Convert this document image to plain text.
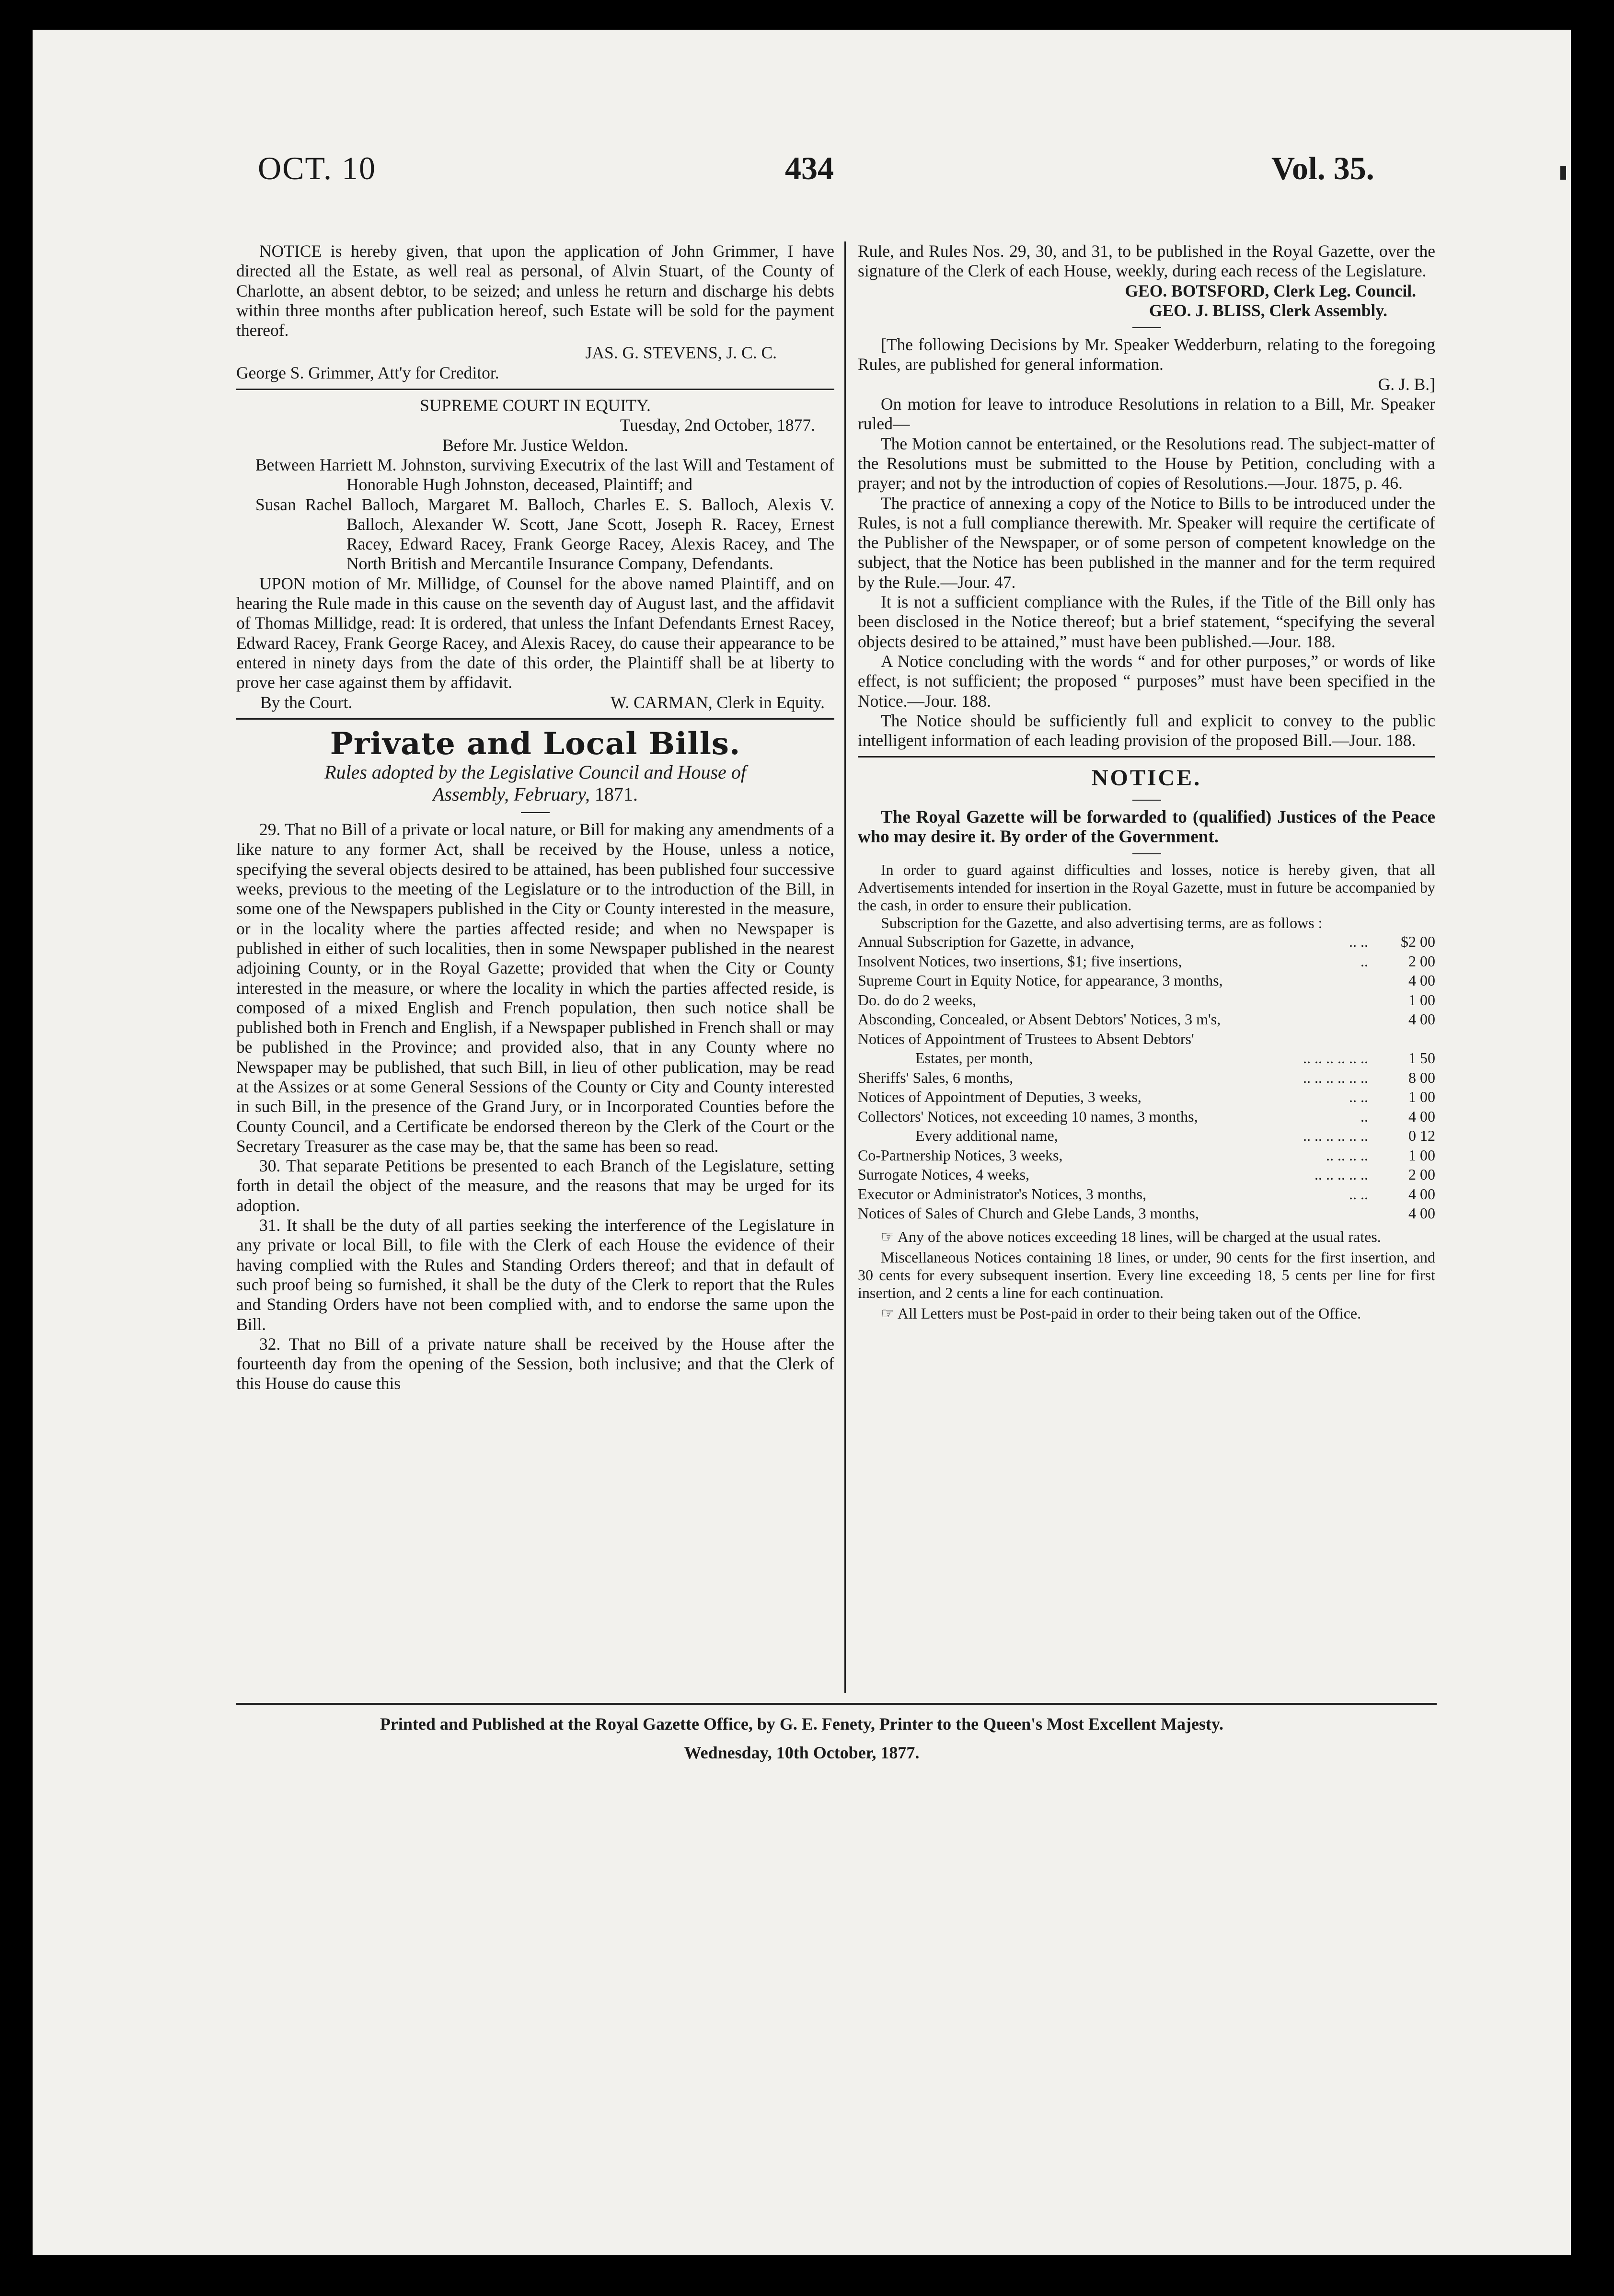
OCT. 10	434	Vol. 35.

NOTICE is hereby given, that upon the application of John Grimmer, I have directed all the Estate, as well real as personal, of Alvin Stuart, of the County of Charlotte, an absent debtor, to be seized; and unless he return and discharge his debts within three months after publication hereof, such Estate will be sold for the payment thereof.

JAS. G. STEVENS, J. C. C.

George S. Grimmer, Att'y for Creditor.

SUPREME COURT IN EQUITY.

Tuesday, 2nd October, 1877.

Before Mr. Justice Weldon.

Between Harriett M. Johnston, surviving Executrix of the last Will and Testament of Honorable Hugh Johnston, deceased, Plaintiff; and

Susan Rachel Balloch, Margaret M. Balloch, Charles E. S. Balloch, Alexis V. Balloch, Alexander W. Scott, Jane Scott, Joseph R. Racey, Ernest Racey, Edward Racey, Frank George Racey, Alexis Racey, and The North British and Mercantile Insurance Company, Defendants.

UPON motion of Mr. Millidge, of Counsel for the above named Plaintiff, and on hearing the Rule made in this cause on the seventh day of August last, and the affidavit of Thomas Millidge, read: It is ordered, that unless the Infant Defendants Ernest Racey, Edward Racey, Frank George Racey, and Alexis Racey, do cause their appearance to be entered in ninety days from the date of this order, the Plaintiff shall be at liberty to prove her case against them by affidavit.

By the Court.	W. CARMAN, Clerk in Equity.

Private and Local Bills.

Rules adopted by the Legislative Council and House of

Assembly, February, 1871.

29. That no Bill of a private or local nature, or Bill for making any amendments of a like nature to any former Act, shall be received by the House, unless a notice, specifying the several objects desired to be attained, has been published four successive weeks, previous to the meeting of the Legislature or to the introduction of the Bill, in some one of the Newspapers published in the City or County interested in the measure, or in the locality where the parties affected reside; and when no Newspaper is published in either of such localities, then in some Newspaper published in the nearest adjoining County, or in the Royal Gazette; provided that when the City or County interested in the measure, or where the locality in which the parties affected reside, is composed of a mixed English and French population, then such notice shall be published both in French and English, if a Newspaper published in French shall or may be published in the Province; and provided also, that in any County where no Newspaper may be published, that such Bill, in lieu of other publication, may be read at the Assizes or at some General Sessions of the County or City and County interested in such Bill, in the presence of the Grand Jury, or in Incorporated Counties before the County Council, and a Certificate be endorsed thereon by the Clerk of the Court or the Secretary Treasurer as the case may be, that the same has been so read.

30. That separate Petitions be presented to each Branch of the Legislature, setting forth in detail the object of the measure, and the reasons that may be urged for its adoption.

31. It shall be the duty of all parties seeking the interference of the Legislature in any private or local Bill, to file with the Clerk of each House the evidence of their having complied with the Rules and Standing Orders thereof; and that in default of such proof being so furnished, it shall be the duty of the Clerk to report that the Rules and Standing Orders have not been complied with, and to endorse the same upon the Bill.

32. That no Bill of a private nature shall be received by the House after the fourteenth day from the opening of the Session, both inclusive; and that the Clerk of this House do cause this

Rule, and Rules Nos. 29, 30, and 31, to be published in the Royal Gazette, over the signature of the Clerk of each House, weekly, during each recess of the Legislature.

GEO. BOTSFORD, Clerk Leg. Council.

GEO. J. BLISS, Clerk Assembly.

[The following Decisions by Mr. Speaker Wedderburn, relating to the foregoing Rules, are published for general information.

G. J. B.]

On motion for leave to introduce Resolutions in relation to a Bill, Mr. Speaker ruled—

The Motion cannot be entertained, or the Resolutions read. The subject-matter of the Resolutions must be submitted to the House by Petition, concluding with a prayer; and not by the introduction of copies of Resolutions.—Jour. 1875, p. 46.

The practice of annexing a copy of the Notice to Bills to be introduced under the Rules, is not a full compliance therewith. Mr. Speaker will require the certificate of the Publisher of the Newspaper, or of some person of competent knowledge on the subject, that the Notice has been published in the manner and for the term required by the Rule.—Jour. 47.

It is not a sufficient compliance with the Rules, if the Title of the Bill only has been disclosed in the Notice thereof; but a brief statement, “specifying the several objects desired to be attained,” must have been published.—Jour. 188.

A Notice concluding with the words “ and for other purposes,” or words of like effect, is not sufficient; the proposed “ purposes” must have been specified in the Notice.—Jour. 188.

The Notice should be sufficiently full and explicit to convey to the public intelligent information of each leading provision of the proposed Bill.—Jour. 188.

NOTICE.

The Royal Gazette will be forwarded to (qualified) Justices of the Peace who may desire it. By order of the Government.

In order to guard against difficulties and losses, notice is hereby given, that all Advertisements intended for insertion in the Royal Gazette, must in future be accompanied by the cash, in order to ensure their publication.

Subscription for the Gazette, and also advertising terms, are as follows :

Annual Subscription for Gazette, in advance,	.. ..	$2 00
Insolvent Notices, two insertions, $1; five insertions,	..	2 00
Supreme Court in Equity Notice, for appearance, 3 months,		4 00
Do. do do 2 weeks,		1 00
Absconding, Concealed, or Absent Debtors' Notices, 3 m's,		4 00
Notices of Appointment of Trustees to Absent Debtors'		
Estates, per month,	.. .. .. .. .. ..	1 50
Sheriffs' Sales, 6 months,	.. .. .. .. .. ..	8 00
Notices of Appointment of Deputies, 3 weeks,	.. ..	1 00
Collectors' Notices, not exceeding 10 names, 3 months,	..	4 00
Every additional name,	.. .. .. .. .. ..	0 12
Co-Partnership Notices, 3 weeks,	.. .. .. ..	1 00
Surrogate Notices, 4 weeks,	.. .. .. .. ..	2 00
Executor or Administrator's Notices, 3 months,	.. ..	4 00
Notices of Sales of Church and Glebe Lands, 3 months,		4 00

☞ Any of the above notices exceeding 18 lines, will be charged at the usual rates.

Miscellaneous Notices containing 18 lines, or under, 90 cents for the first insertion, and 30 cents for every subsequent insertion. Every line exceeding 18, 5 cents per line for first insertion, and 2 cents a line for each continuation.

☞ All Letters must be Post-paid in order to their being taken out of the Office.

Printed and Published at the Royal Gazette Office, by G. E. Fenety, Printer to the Queen's Most Excellent Majesty.
Wednesday, 10th October, 1877.
